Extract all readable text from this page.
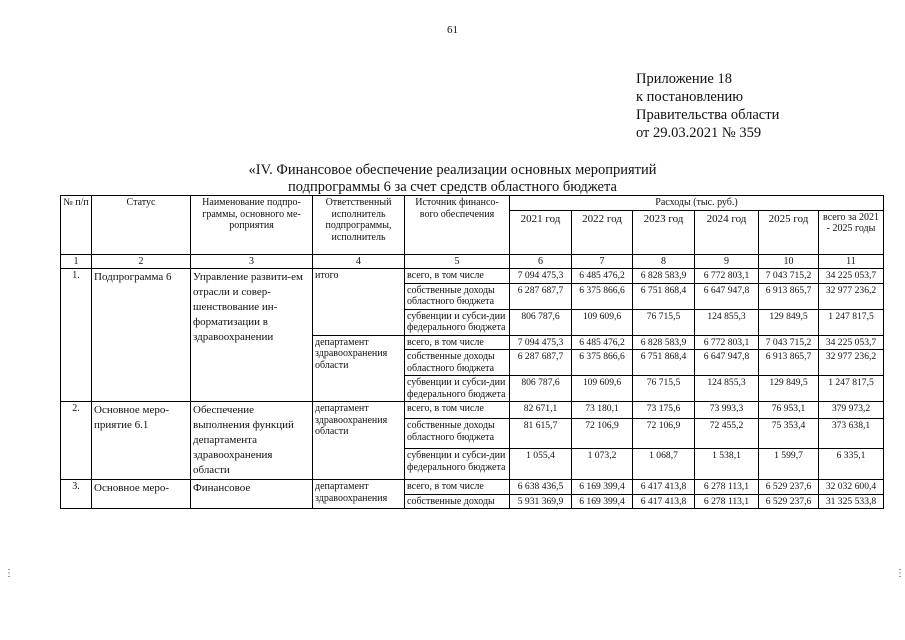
61
Приложение 18
к постановлению
Правительства области
от 29.03.2021 № 359
«IV. Финансовое обеспечение реализации основных мероприятий
подпрограммы 6 за счет средств областного бюджета
№ п/п	Статус	Наименование подпро-граммы, основного ме-роприятия	Ответственный исполнитель подпрограммы, исполнитель	Источник финансо-вого обеспечения	Расходы (тыс. руб.)					
					2021 год	2022 год	2023 год	2024 год	2025 год	всего за 2021 - 2025 годы
1	2	3	4	5	6	7	8	9	10	11
1.	Подпрограмма 6	Управление развити-ем отрасли и совер-шенствование ин-форматизации в здравоохранении	итого	всего, в том числе	7 094 475,3	6 485 476,2	6 828 583,9	6 772 803,1	7 043 715,2	34 225 053,7
				собственные доходы областного бюджета	6 287 687,7	6 375 866,6	6 751 868,4	6 647 947,8	6 913 865,7	32 977 236,2
				субвенции и субси-дии федерального бюджета	806 787,6	109 609,6	76 715,5	124 855,3	129 849,5	1 247 817,5
			департамент здравоохранения области	всего, в том числе	7 094 475,3	6 485 476,2	6 828 583,9	6 772 803,1	7 043 715,2	34 225 053,7
				собственные доходы областного бюджета	6 287 687,7	6 375 866,6	6 751 868,4	6 647 947,8	6 913 865,7	32 977 236,2
				субвенции и субси-дии федерального бюджета	806 787,6	109 609,6	76 715,5	124 855,3	129 849,5	1 247 817,5
2.	Основное меро-приятие 6.1	Обеспечение выполнения функций департамента здравоохранения области	департамент здравоохранения области	всего, в том числе	82 671,1	73 180,1	73 175,6	73 993,3	76 953,1	379 973,2
				собственные доходы областного бюджета	81 615,7	72 106,9	72 106,9	72 455,2	75 353,4	373 638,1
				субвенции и субси-дии федерального бюджета	1 055,4	1 073,2	1 068,7	1 538,1	1 599,7	6 335,1
3.	Основное меро-	Финансовое	департамент здравоохранения	всего, в том числе	6 638 436,5	6 169 399,4	6 417 413,8	6 278 113,1	6 529 237,6	32 032 600,4
				собственные доходы	5 931 369,9	6 169 399,4	6 417 413,8	6 278 113,1	6 529 237,6	31 325 533,8
⋮	⋮
